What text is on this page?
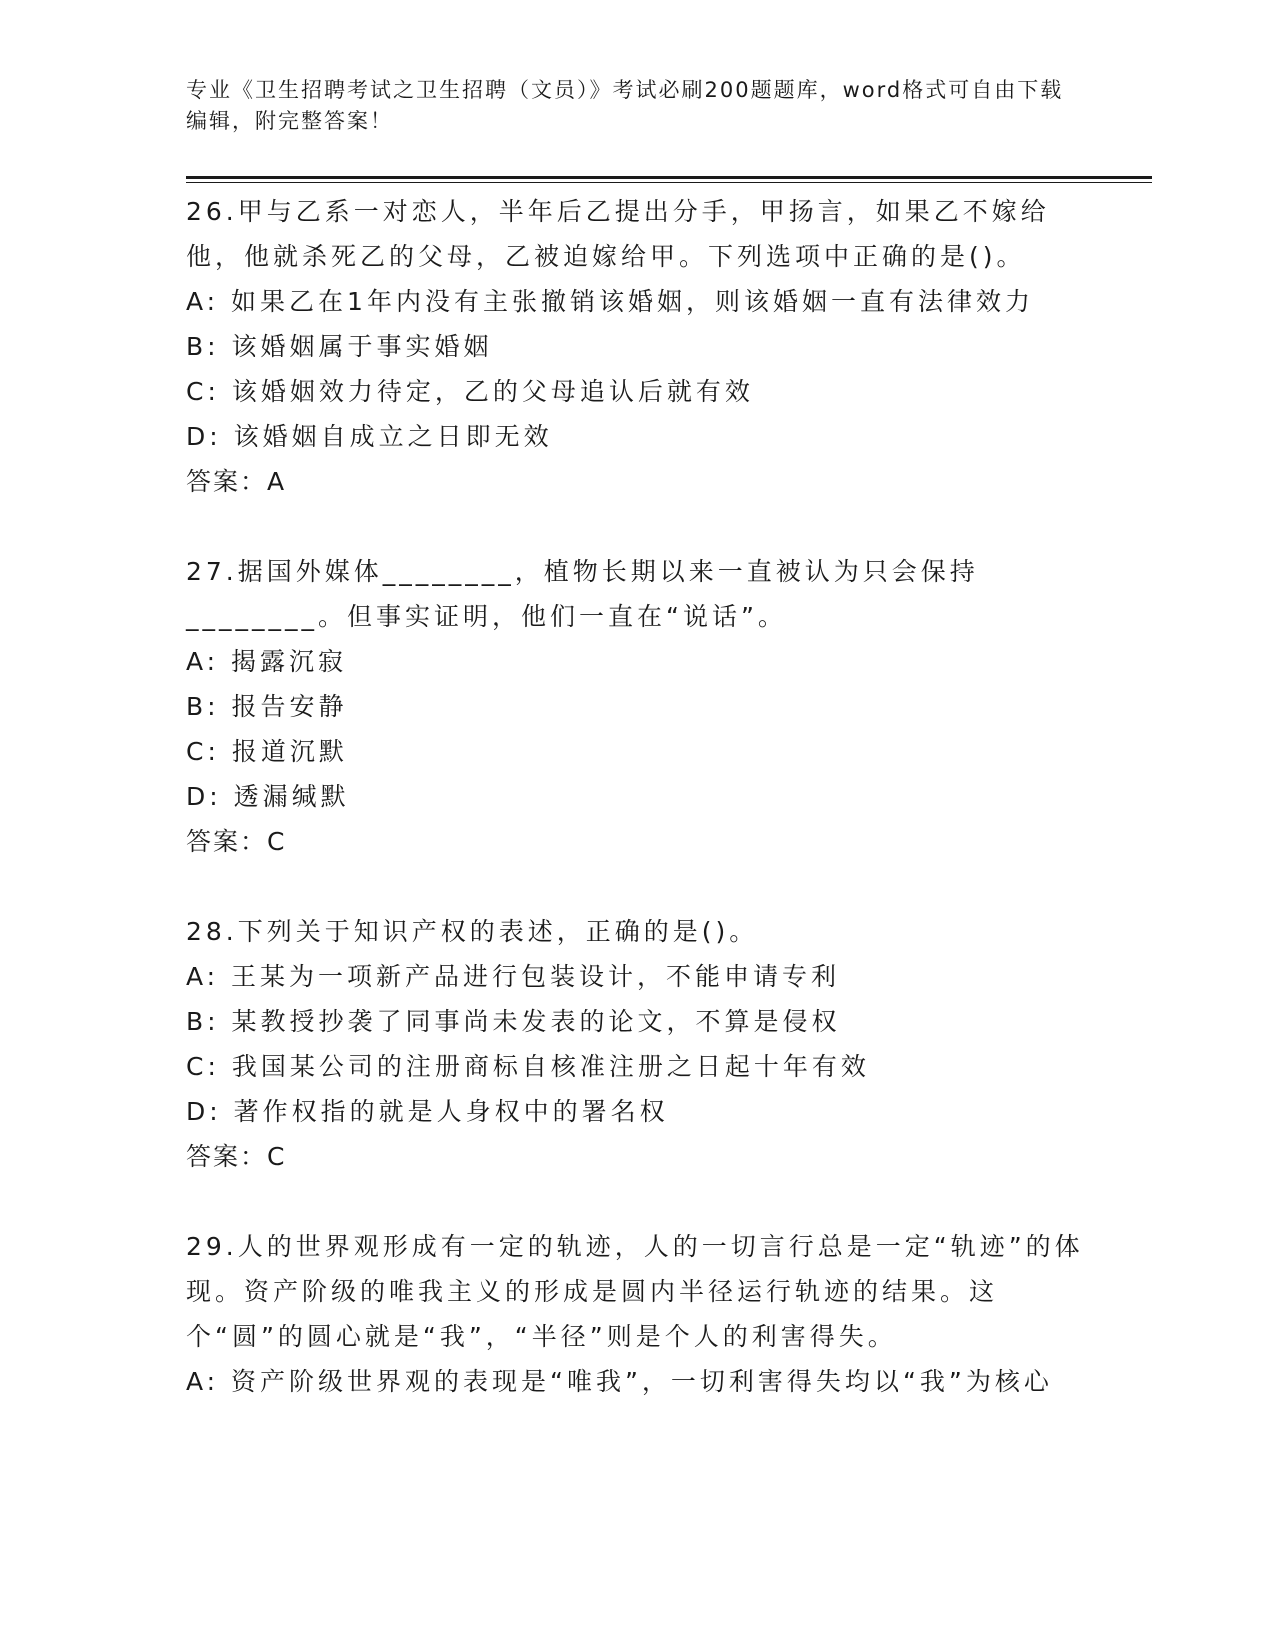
专业《卫生招聘考试之卫生招聘（文员）》考试必刷200题题库，word格式可自由下载编辑，附完整答案！
26.甲与乙系一对恋人，半年后乙提出分手，甲扬言，如果乙不嫁给他，他就杀死乙的父母，乙被迫嫁给甲。下列选项中正确的是()。
A: 如果乙在1年内没有主张撤销该婚姻，则该婚姻一直有法律效力
B: 该婚姻属于事实婚姻
C: 该婚姻效力待定，乙的父母追认后就有效
D: 该婚姻自成立之日即无效
答案：A
27.据国外媒体________，植物长期以来一直被认为只会保持________。但事实证明，他们一直在“说话”。
A: 揭露沉寂
B: 报告安静
C: 报道沉默
D: 透漏缄默
答案：C
28.下列关于知识产权的表述，正确的是()。
A: 王某为一项新产品进行包装设计，不能申请专利
B: 某教授抄袭了同事尚未发表的论文，不算是侵权
C: 我国某公司的注册商标自核准注册之日起十年有效
D: 著作权指的就是人身权中的署名权
答案：C
29.人的世界观形成有一定的轨迹，人的一切言行总是一定“轨迹”的体现。资产阶级的唯我主义的形成是圆内半径运行轨迹的结果。这个“圆”的圆心就是“我”，“半径”则是个人的利害得失。
A: 资产阶级世界观的表现是“唯我”，一切利害得失均以“我”为核心
